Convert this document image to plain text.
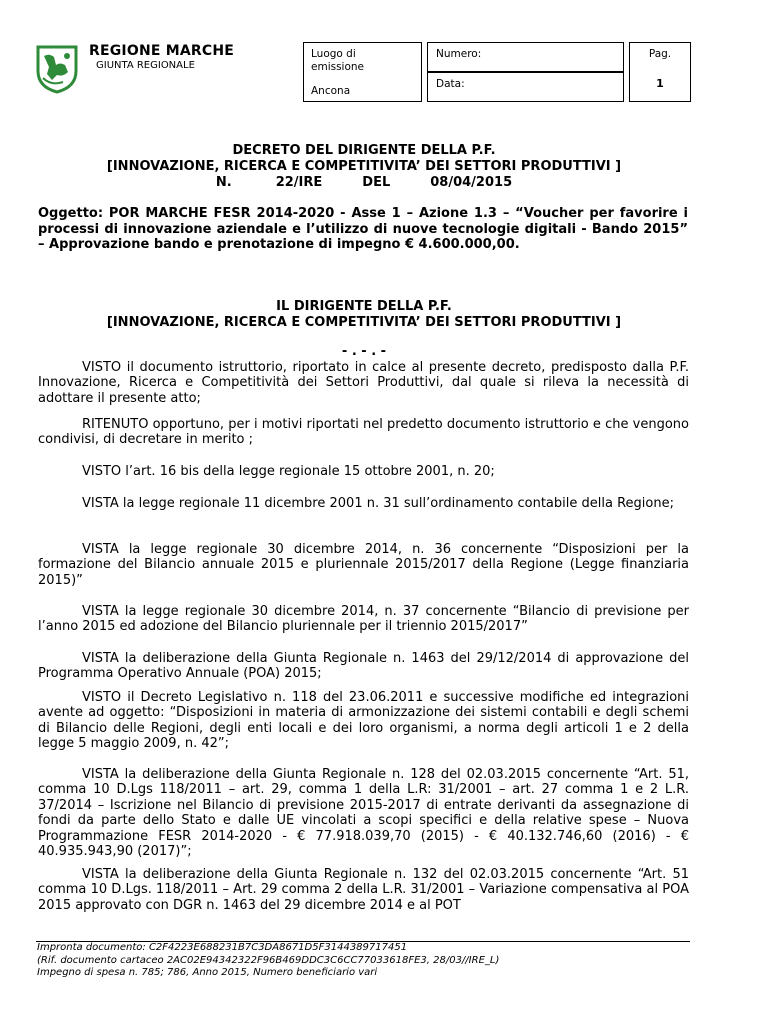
REGIONE MARCHE
GIUNTA REGIONALE
Luogo di emissione
Ancona
Numero:
Data:
Pag.
1
DECRETO DEL DIRIGENTE DELLA P.F.
[INNOVAZIONE, RICERCA E COMPETITIVITA’ DEI SETTORI PRODUTTIVI ]
N.	22/IRE	DEL	08/04/2015
Oggetto: POR MARCHE FESR 2014-2020 - Asse 1 – Azione 1.3 – “Voucher per favorire i processi di innovazione aziendale e l’utilizzo di nuove tecnologie digitali - Bando 2015” – Approvazione bando e prenotazione di impegno € 4.600.000,00.
IL DIRIGENTE DELLA P.F.
[INNOVAZIONE, RICERCA E COMPETITIVITA’ DEI SETTORI PRODUTTIVI ]
- . - . -
VISTO il documento istruttorio, riportato in calce al presente decreto, predisposto dalla P.F. Innovazione, Ricerca e Competitività dei Settori Produttivi, dal quale si rileva la necessità di adottare il presente atto;
RITENUTO opportuno, per i motivi riportati nel predetto documento istruttorio e che vengono condivisi, di decretare in merito ;
VISTO l’art. 16 bis della legge regionale 15 ottobre 2001, n. 20;
VISTA la legge regionale 11 dicembre 2001 n. 31 sull’ordinamento contabile della Regione;
VISTA la legge regionale 30 dicembre 2014, n. 36 concernente “Disposizioni per la formazione del Bilancio annuale 2015 e pluriennale 2015/2017 della Regione (Legge finanziaria 2015)”
VISTA la legge regionale 30 dicembre 2014, n. 37 concernente “Bilancio di previsione per l’anno 2015 ed adozione del Bilancio pluriennale per il triennio 2015/2017”
VISTA la deliberazione della Giunta Regionale n. 1463 del 29/12/2014 di approvazione del Programma Operativo Annuale (POA) 2015;
VISTO il Decreto Legislativo n. 118 del 23.06.2011 e successive modifiche ed integrazioni avente ad oggetto: “Disposizioni in materia di armonizzazione dei sistemi contabili e degli schemi di Bilancio delle Regioni, degli enti locali e dei loro organismi, a norma degli articoli 1 e 2 della legge 5 maggio 2009, n. 42”;
VISTA la deliberazione della Giunta Regionale n. 128 del 02.03.2015 concernente “Art. 51, comma 10 D.Lgs 118/2011 – art. 29, comma 1 della L.R: 31/2001 – art. 27 comma 1 e 2 L.R. 37/2014 – Iscrizione nel Bilancio di previsione 2015-2017 di entrate derivanti da assegnazione di fondi da parte dello Stato e dalle UE vincolati a scopi specifici e della relative spese – Nuova Programmazione FESR 2014-2020 - € 77.918.039,70 (2015) - € 40.132.746,60 (2016) - € 40.935.943,90 (2017)”;
VISTA la deliberazione della Giunta Regionale n. 132 del 02.03.2015 concernente “Art. 51 comma 10 D.Lgs. 118/2011 – Art. 29 comma 2 della L.R. 31/2001 – Variazione compensativa al POA 2015 approvato con DGR n. 1463 del 29 dicembre 2014 e al POT
Impronta documento: C2F4223E688231B7C3DA8671D5F3144389717451
(Rif. documento cartaceo 2AC02E94342322F96B469DDC3C6CC77033618FE3, 28/03//IRE_L)
Impegno di spesa n. 785; 786, Anno 2015, Numero beneficiario vari
